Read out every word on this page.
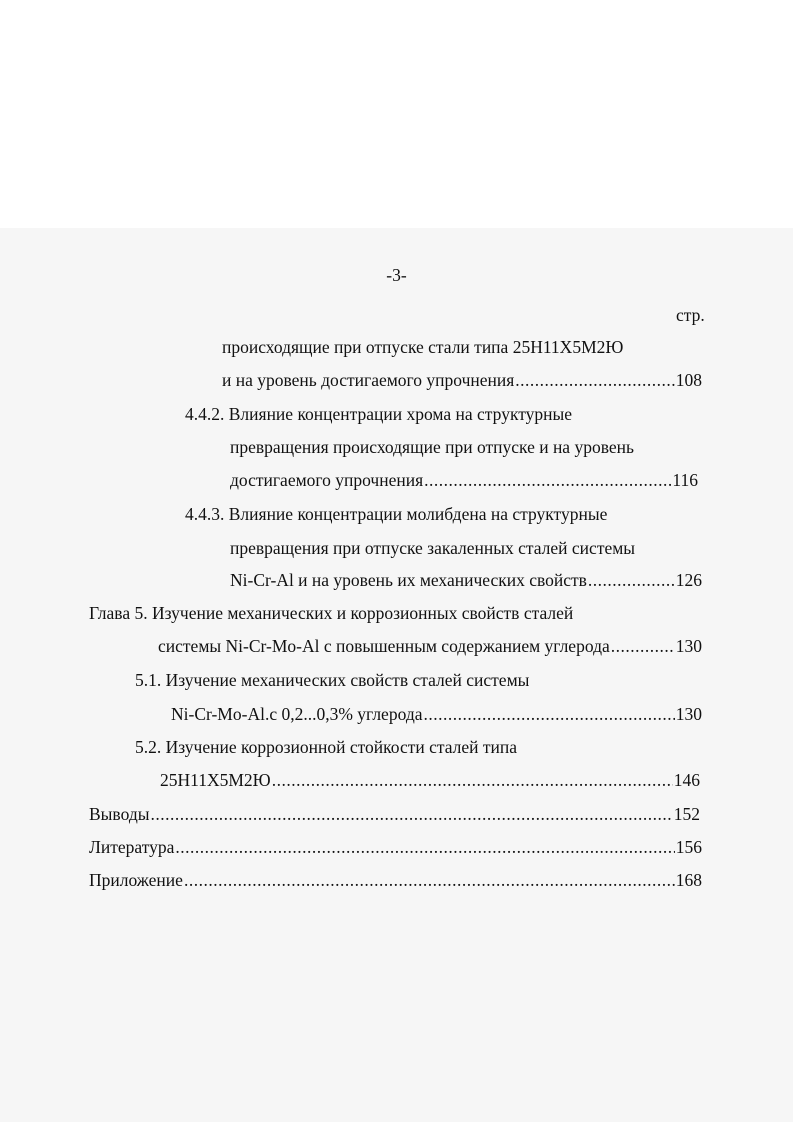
-3-
стр.
происходящие при отпуске стали типа 25Н11Х5М2Ю
и на уровень достигаемого упрочнения .....	108
4.4.2. Влияние концентрации хрома на структурные
превращения происходящие при отпуске и на уровень
достигаемого упрочнения .....	116
4.4.3. Влияние концентрации молибдена на структурные
превращения при отпуске закаленных сталей системы
Ni-Cr-Al и на уровень их механических свойств .....	126
Глава 5. Изучение механических и коррозионных свойств сталей
системы Ni-Cr-Mo-Al с повышенным содержанием углерода .....	130
5.1. Изучение механических свойств сталей системы
Ni-Cr-Mo-Al.с 0,2...0,3% углерода .....	130
5.2. Изучение коррозионной стойкости сталей типа
25Н11Х5М2Ю .....	146
Выводы .....	152
Литература .....	156
Приложение .....	168
